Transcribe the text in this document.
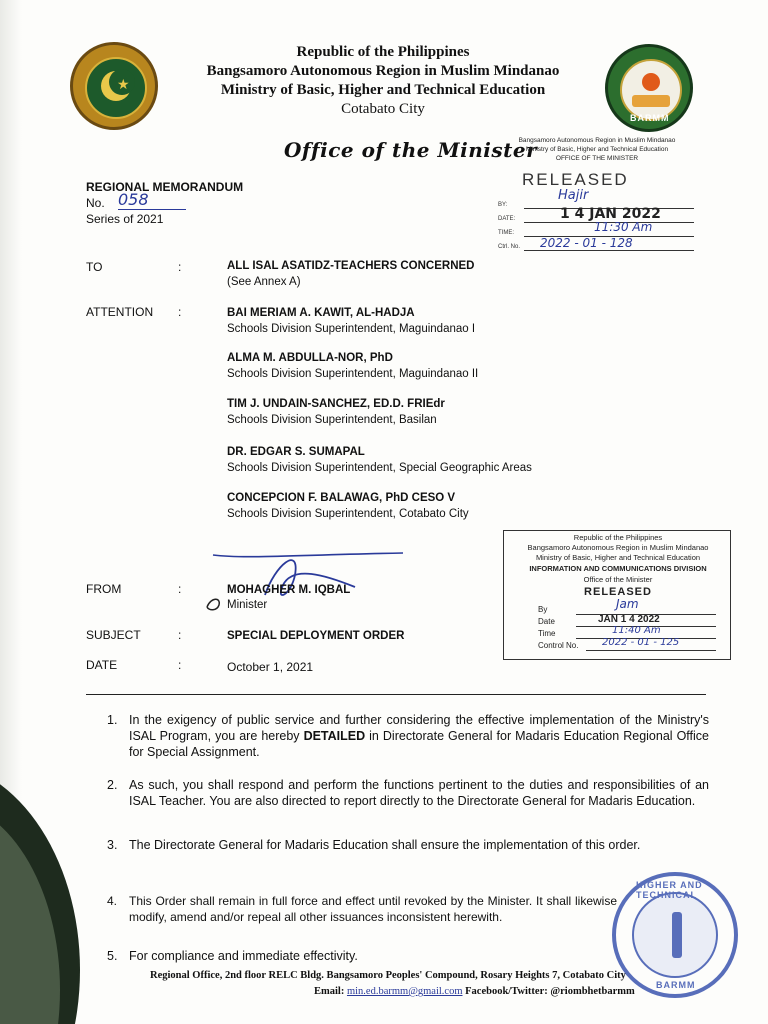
★
BARMM
Republic of the Philippines
Bangsamoro Autonomous Region in Muslim Mindanao
Ministry of Basic, Higher and Technical Education
Cotabato City
Office of the Minister
Bangsamoro Autonomous Region in Muslim Mindanao
Ministry of Basic, Higher and Technical Education
OFFICE OF THE MINISTER
REGIONAL MEMORANDUM
No. 058
Series of 2021
RELEASED
BY:
Hajir
DATE:	1 4 JAN 2022
TIME:	11:30 Am
Ctrl. No.	2022 - 01 - 128
TO	:	ALL ISAL ASATIDZ-TEACHERS CONCERNED
(See Annex A)
ATTENTION :	BAI MERIAM A. KAWIT, AL-HADJA
Schools Division Superintendent, Maguindanao I
ALMA M. ABDULLA-NOR, PhD
Schools Division Superintendent, Maguindanao II
TIM J. UNDAIN-SANCHEZ, ED.D. FRIEdr
Schools Division Superintendent, Basilan
DR. EDGAR S. SUMAPAL
Schools Division Superintendent, Special Geographic Areas
CONCEPCION F. BALAWAG, PhD CESO V
Schools Division Superintendent, Cotabato City
FROM	:	MOHAGHER M. IQBAL
Minister
SUBJECT	:	SPECIAL DEPLOYMENT ORDER
DATE	:	October 1, 2021
Republic of the Philippines
Bangsamoro Autonomous Region in Muslim Mindanao
Ministry of Basic, Higher and Technical Education
INFORMATION AND COMMUNICATIONS DIVISION
Office of the Minister
RELEASED
By	Jam
Date	JAN 1 4 2022
Time	11:40 Am
Control No.	2022 - 01 - 125
1. In the exigency of public service and further considering the effective implementation of the Ministry's ISAL Program, you are hereby DETAILED in Directorate General for Madaris Education Regional Office for Special Assignment.
2. As such, you shall respond and perform the functions pertinent to the duties and responsibilities of an ISAL Teacher. You are also directed to report directly to the Directorate General for Madaris Education.
3. The Directorate General for Madaris Education shall ensure the implementation of this order.
4. This Order shall remain in full force and effect until revoked by the Minister. It shall likewise modify, amend and/or repeal all other issuances inconsistent herewith.
5. For compliance and immediate effectivity.
Regional Office, 2nd floor RELC Bldg. Bangsamoro Peoples' Compound, Rosary Heights 7, Cotabato City
Email: min.ed.barmm@gmail.com Facebook/Twitter: @riombhetbarmm
HIGHER AND TECHNICAL
BARMM
